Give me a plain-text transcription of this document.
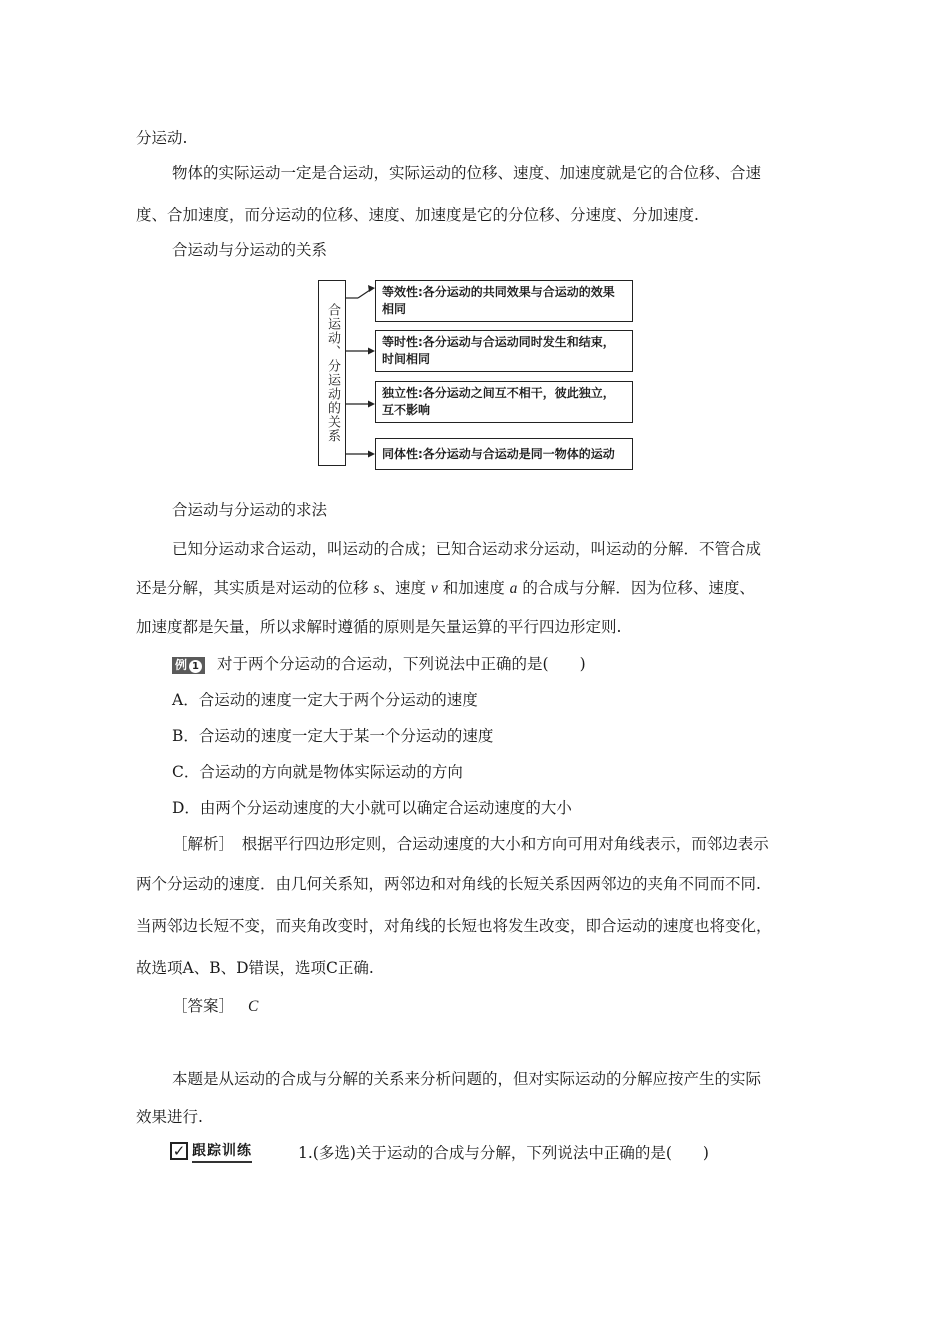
分运动.
物体的实际运动一定是合运动，实际运动的位移、速度、加速度就是它的合位移、合速
度、合加速度，而分运动的位移、速度、加速度是它的分位移、分速度、分加速度.
合运动与分运动的关系
合运动、分运动的关系
等效性:各分运动的共同效果与合运动的效果相同
等时性:各分运动与合运动同时发生和结束，时间相同
独立性:各分运动之间互不相干，彼此独立，互不影响
同体性:各分运动与合运动是同一物体的运动
合运动与分运动的求法
已知分运动求合运动，叫运动的合成；已知合运动求分运动，叫运动的分解．不管合成
还是分解，其实质是对运动的位移 s、速度 v 和加速度 a 的合成与分解．因为位移、速度、
加速度都是矢量，所以求解时遵循的原则是矢量运算的平行四边形定则.
例 1 对于两个分运动的合运动，下列说法中正确的是(　　)
A．合运动的速度一定大于两个分运动的速度
B．合运动的速度一定大于某一个分运动的速度
C．合运动的方向就是物体实际运动的方向
D．由两个分运动速度的大小就可以确定合运动速度的大小
［解析］　根据平行四边形定则，合运动速度的大小和方向可用对角线表示，而邻边表示
两个分运动的速度．由几何关系知，两邻边和对角线的长短关系因两邻边的夹角不同而不同.
当两邻边长短不变，而夹角改变时，对角线的长短也将发生改变，即合运动的速度也将变化，
故选项A、B、D错误，选项C正确.
［答案］ C
本题是从运动的合成与分解的关系来分析问题的，但对实际运动的分解应按产生的实际
效果进行.
✓ 跟踪训练	1.(多选)关于运动的合成与分解，下列说法中正确的是(　　)
